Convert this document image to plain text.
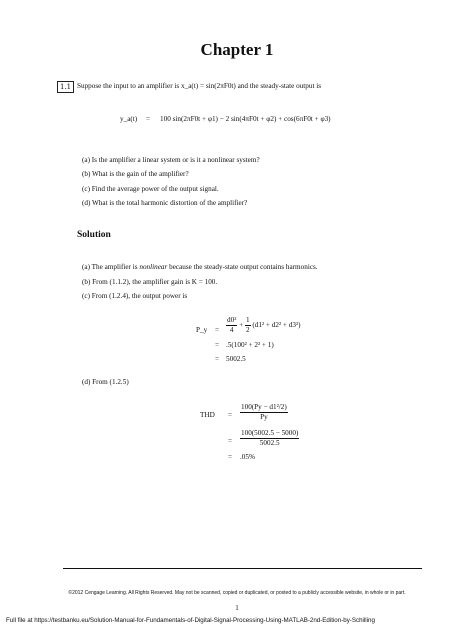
Chapter 1
1.1 Suppose the input to an amplifier is x_a(t) = sin(2πF0t) and the steady-state output is
y_a(t) = 100 sin(2πF0t + φ1) − 2 sin(4πF0t + φ2) + cos(6πF0t + φ3)
(a) Is the amplifier a linear system or is it a nonlinear system?
(b) What is the gain of the amplifier?
(c) Find the average power of the output signal.
(d) What is the total harmonic distortion of the amplifier?
Solution
(a) The amplifier is nonlinear because the steady-state output contains harmonics.
(b) From (1.1.2), the amplifier gain is K = 100.
(c) From (1.2.4), the output power is
P_y = $\frac{\text{d0²}}{4} + \frac{1}{2} (d1^2 + d2^2 + d3^2)$
= .5(100² + 2² + 1)
= 5002.5
(d) From (1.2.5)
THD = $\frac{\text{100(Py − d1²/2)}}{Py}$
= $\frac{100(5002.5 - 5000)}{5002.5}$
= .05%
©2012 Cengage Learning. All Rights Reserved. May not be scanned, copied or duplicated, or posted to a publicly accessible website, in whole or in part.
1
Full file at https://testbanku.eu/Solution-Manual-for-Fundamentals-of-Digital-Signal-Processing-Using-MATLAB-2nd-Edition-by-Schilling
